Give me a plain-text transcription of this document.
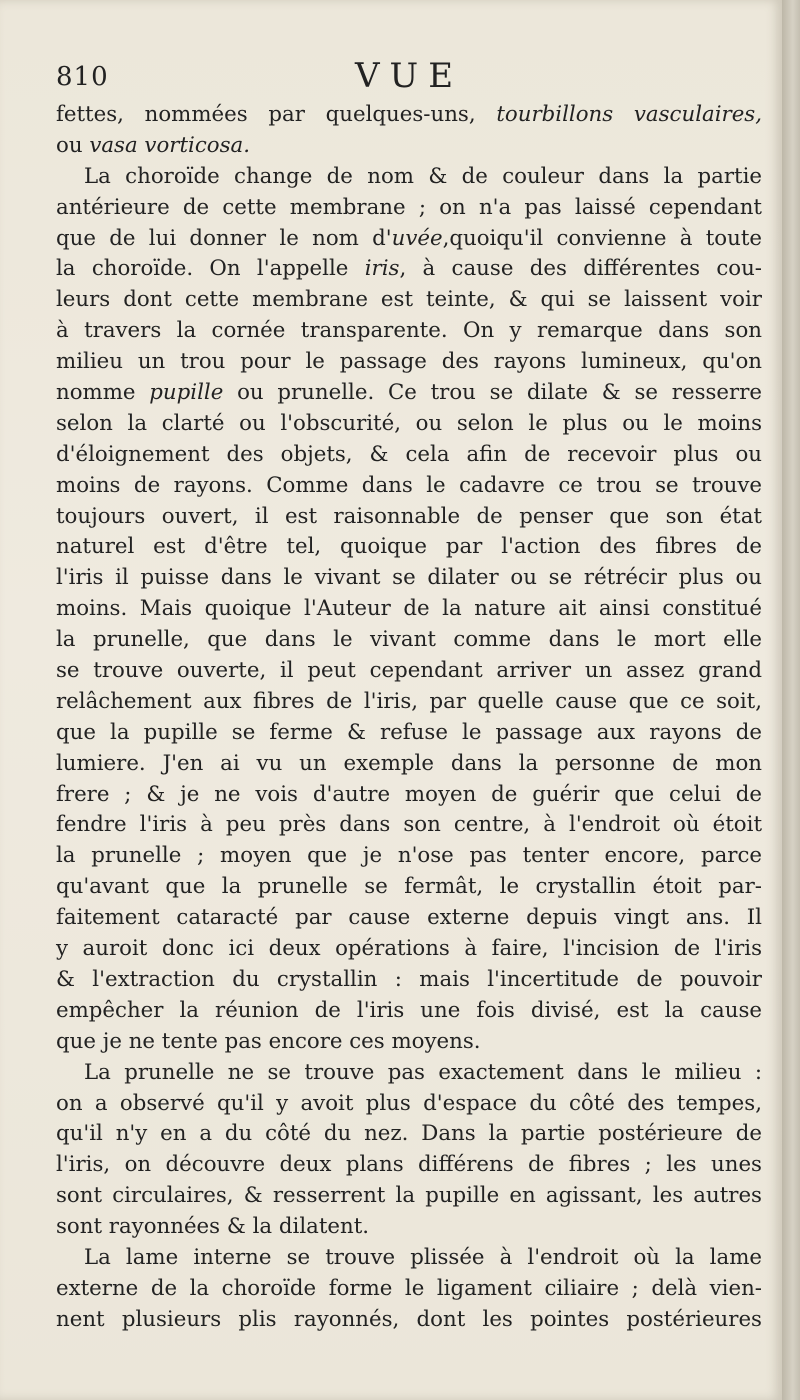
810	VUE
fettes, nommées par quelques-uns, tourbillons vasculaires,
ou vasa vorticosa.
La choroïde change de nom & de couleur dans la partie
antérieure de cette membrane ; on n'a pas laissé cependant
que de lui donner le nom d'uvée,quoiqu'il convienne à toute
la choroïde. On l'appelle iris, à cause des différentes cou-
leurs dont cette membrane est teinte, & qui se laissent voir
à travers la cornée transparente. On y remarque dans son
milieu un trou pour le passage des rayons lumineux, qu'on
nomme pupille ou prunelle. Ce trou se dilate & se resserre
selon la clarté ou l'obscurité, ou selon le plus ou le moins
d'éloignement des objets, & cela afin de recevoir plus ou
moins de rayons. Comme dans le cadavre ce trou se trouve
toujours ouvert, il est raisonnable de penser que son état
naturel est d'être tel, quoique par l'action des fibres de
l'iris il puisse dans le vivant se dilater ou se rétrécir plus ou
moins. Mais quoique l'Auteur de la nature ait ainsi constitué
la prunelle, que dans le vivant comme dans le mort elle
se trouve ouverte, il peut cependant arriver un assez grand
relâchement aux fibres de l'iris, par quelle cause que ce soit,
que la pupille se ferme & refuse le passage aux rayons de
lumiere. J'en ai vu un exemple dans la personne de mon
frere ; & je ne vois d'autre moyen de guérir que celui de
fendre l'iris à peu près dans son centre, à l'endroit où étoit
la prunelle ; moyen que je n'ose pas tenter encore, parce
qu'avant que la prunelle se fermât, le crystallin étoit par-
faitement cataracté par cause externe depuis vingt ans. Il
y auroit donc ici deux opérations à faire, l'incision de l'iris
& l'extraction du crystallin : mais l'incertitude de pouvoir
empêcher la réunion de l'iris une fois divisé, est la cause
que je ne tente pas encore ces moyens.
La prunelle ne se trouve pas exactement dans le milieu :
on a observé qu'il y avoit plus d'espace du côté des tempes,
qu'il n'y en a du côté du nez. Dans la partie postérieure de
l'iris, on découvre deux plans différens de fibres ; les unes
sont circulaires, & resserrent la pupille en agissant, les autres
sont rayonnées & la dilatent.
La lame interne se trouve plissée à l'endroit où la lame
externe de la choroïde forme le ligament ciliaire ; delà vien-
nent plusieurs plis rayonnés, dont les pointes postérieures
